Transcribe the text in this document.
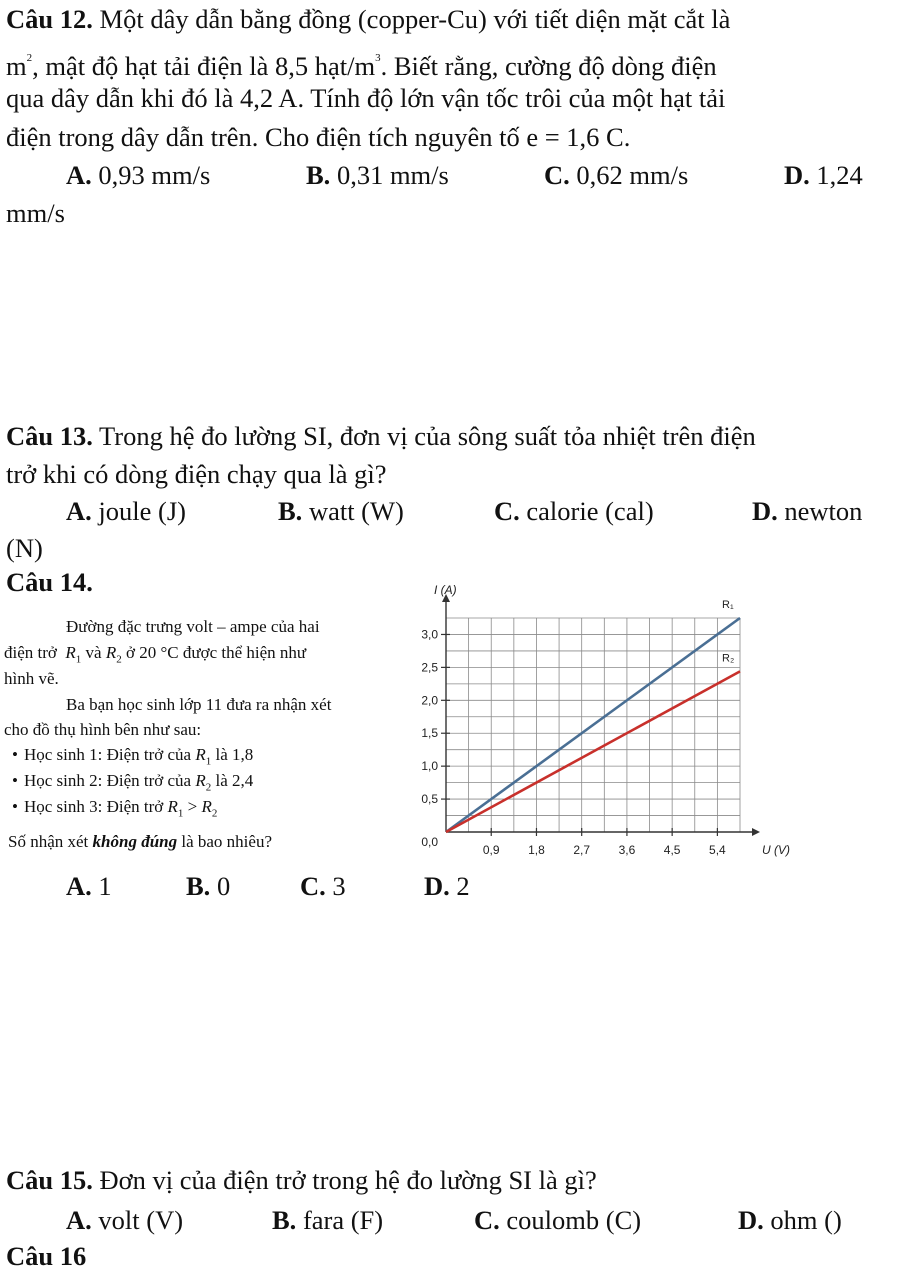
Câu 12. Một dây dẫn bằng đồng (copper-Cu) với tiết diện mặt cắt là
$m^2$, mật độ hạt tải điện là 8,5 hạt/$m^3$. Biết rằng, cường độ dòng điện
qua dây dẫn khi đó là 4,2 A. Tính độ lớn vận tốc trôi của một hạt tải
điện trong dây dẫn trên. Cho điện tích nguyên tố e = 1,6 C.
A. 0,93 mm/s	B. 0,31 mm/s	C. 0,62 mm/s	D. 1,24
mm/s
Câu 13. Trong hệ đo lường SI, đơn vị của sông suất tỏa nhiệt trên điện
trở khi có dòng điện chạy qua là gì?
A. joule (J)	B. watt (W)	C. calorie (cal)	D. newton
(N)
Câu 14.
Đường đặc trưng volt – ampe của hai
điện trở $R_1$ và $R_2$ ở 20 °C được thể hiện như
hình vẽ.
Ba bạn học sinh lớp 11 đưa ra nhận xét
cho đồ thụ hình bên như sau:
• Học sinh 1: Điện trở của $R_1$ là 1,8
• Học sinh 2: Điện trở của $R_2$ là 2,4
• Học sinh 3: Điện trở $R_1 > R_2$
Số nhận xét không đúng là bao nhiêu?	0,9 1,8 2,7 3,6 4,5 5,4
0,0
0,5
1,0
1,5
2,0
2,5
3,0
I (A)
U (V)
R₁
R₂
A. 1	B. 0	C. 3	D. 2
Câu 15. Đơn vị của điện trở trong hệ đo lường SI là gì?
A. volt (V)	B. fara (F)	C. coulomb (C)	D. ohm ()
Câu 16
